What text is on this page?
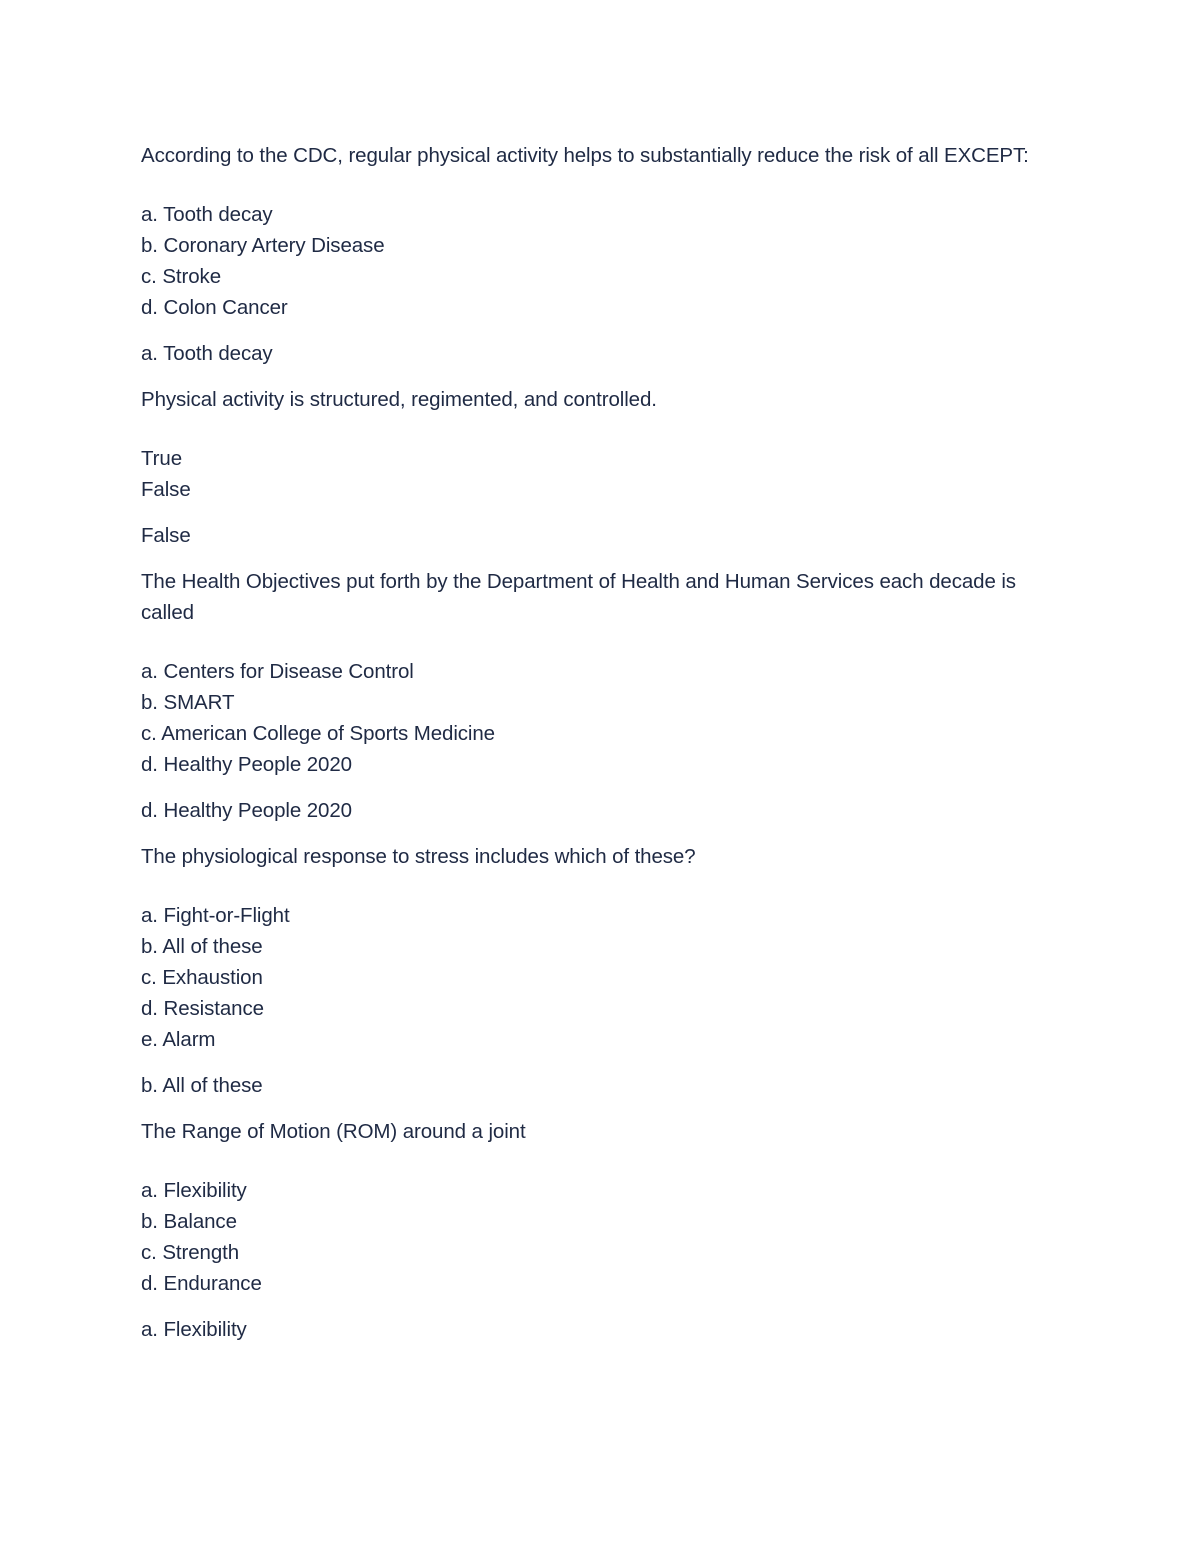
According to the CDC, regular physical activity helps to substantially reduce the risk of all EXCEPT:

a. Tooth decay
b. Coronary Artery Disease
c. Stroke
d. Colon Cancer

a. Tooth decay

Physical activity is structured, regimented, and controlled.

True
False

False

The Health Objectives put forth by the Department of Health and Human Services each decade is called

a. Centers for Disease Control
b. SMART
c. American College of Sports Medicine
d. Healthy People 2020

d. Healthy People 2020

The physiological response to stress includes which of these?

a. Fight-or-Flight
b. All of these
c. Exhaustion
d. Resistance
e. Alarm

b. All of these

The Range of Motion (ROM) around a joint

a. Flexibility
b. Balance
c. Strength
d. Endurance

a. Flexibility
